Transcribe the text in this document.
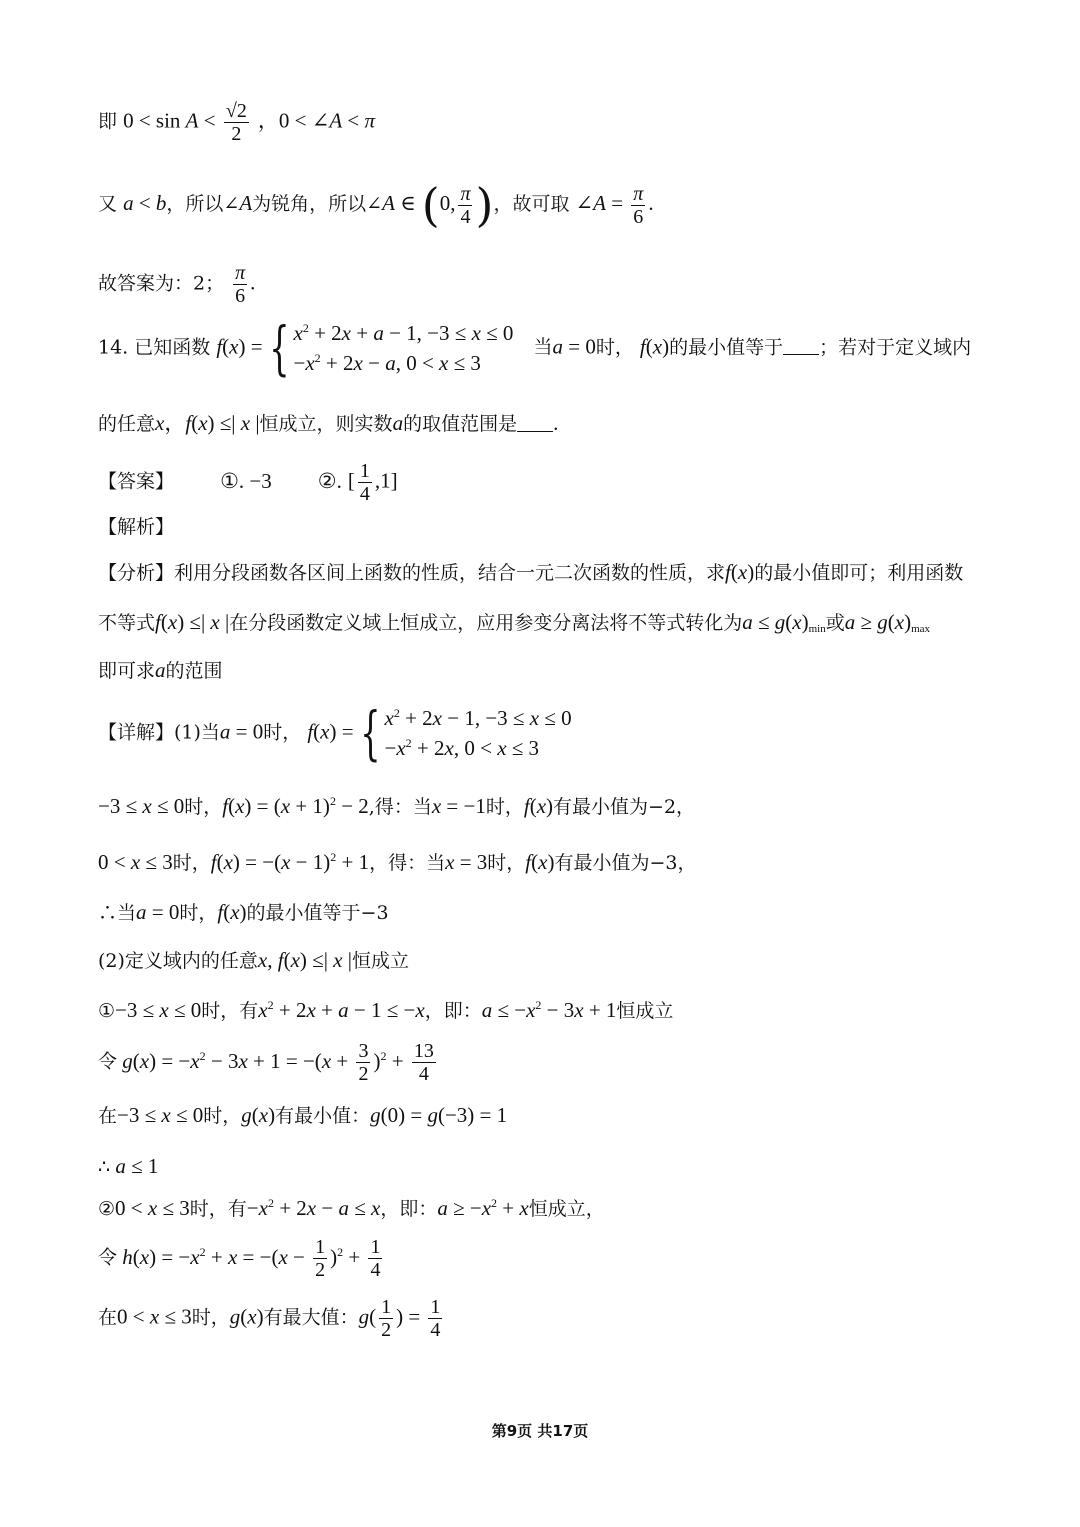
即 $0 < \sin A < \frac{√2}{2}$ ，0 < ∠A < π
又 a < b，所以∠A为锐角，所以∠A ∈ (0, $\frac{\pi}{4}$ )，故可取 ∠A = $\frac{\pi}{6}$ .
故答案为：2； $\frac{\pi}{6}$ .
14. 已知函数 f(x) = { $x^2 + 2x + a - 1$, −3 ≤ x ≤ 0
$-x^2 + 2x - a$, 0 < x ≤ 3
当a = 0时， f(x)的最小值等于 ；若对于定义域内
的任意x，f(x) ≤| x |恒成立，则实数a的取值范围是 .
【答案】 ①. −3 ②. [ $\frac{1}{4} ,1$]
【解析】
【分析】利用分段函数各区间上函数的性质，结合一元二次函数的性质，求f(x)的最小值即可；利用函数
不等式f(x) ≤| x |在分段函数定义域上恒成立，应用参变分离法将不等式转化为$a \le g(x)_{min}$或$a \ge g(x)_{max}$
即可求a的范围
【详解】(1)当a = 0时， f(x) = { $x^2 + 2x - 1$, −3 ≤ x ≤ 0
$-x^2 + 2x$, 0 < x ≤ 3
−3 ≤ x ≤ 0时，$f(x) = (x + 1)^2 - 2$,得：当x = −1时，f(x)有最小值为−2，
0 < x ≤ 3时，$f(x) = -(x - 1)^2 + 1$，得：当x = 3时，f(x)有最小值为−3，
∴当a = 0时，f(x)的最小值等于−3
(2)定义域内的任意x, f(x) ≤| x |恒成立
①−3 ≤ x ≤ 0时，有$x^2 + 2x + a - 1 \le -x$，即：$a \le -x^2 - 3x + 1$恒成立
令 $g(x) = -x^2 - 3x + 1 = -(x + \frac{3}{2} )^2 + \frac{13}{4}$
在−3 ≤ x ≤ 0时，g(x)有最小值：g(0) = g(−3) = 1
∴ a ≤ 1
②0 < x ≤ 3时，有$-x^2 + 2x - a \le x$，即：$a \ge -x^2 + x$恒成立，
令 $h(x) = -x^2 + x = -(x - \frac{1}{2} )^2 + \frac{1}{4}$
在0 < x ≤ 3时，g(x)有最大值：$g( \frac{1}{2}$ ) = $\frac{1}{4}$
第9页 共17页
